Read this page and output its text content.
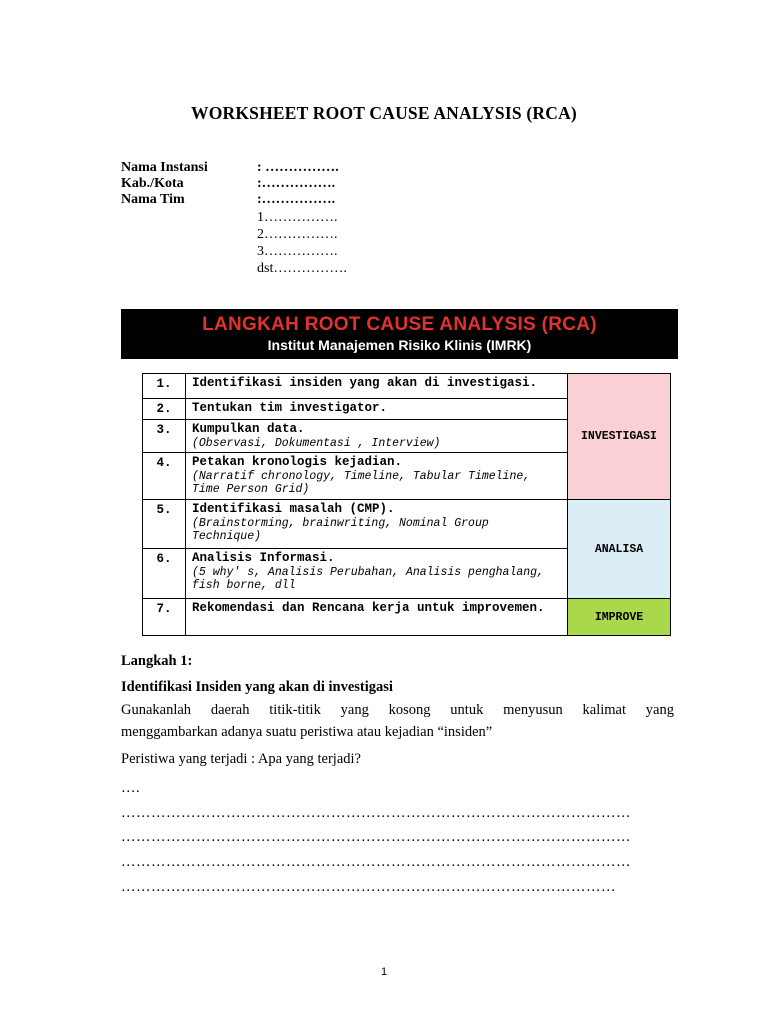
WORKSHEET ROOT CAUSE ANALYSIS (RCA)
Nama Instansi	: …………….
Kab./Kota	:…………….
Nama Tim	:…………….
1…………….
2…………….
3…………….
dst…………….
LANGKAH ROOT CAUSE ANALYSIS (RCA)
Institut Manajemen Risiko Klinis (IMRK)
1.	Identifikasi insiden yang akan di investigasi.	INVESTIGASI
2.	Tentukan tim investigator.	

3.	Kumpulkan data.
(Observasi, Dokumentasi , Interview)	

4.	Petakan kronologis kejadian.
(Narratif chronology, Timeline, Tabular Timeline, Time Person Grid)	

5.	Identifikasi masalah (CMP).
(Brainstorming, brainwriting, Nominal Group Technique)	ANALISA
6.	Analisis Informasi.
(5 why' s, Analisis Perubahan, Analisis penghalang, fish borne, dll	

7.	Rekomendasi dan Rencana kerja untuk improvemen.	IMPROVE
Langkah 1:
Identifikasi Insiden yang akan di investigasi
Gunakanlah daerah titik-titik yang kosong untuk menyusun kalimat yang
menggambarkan adanya suatu peristiwa atau kejadian “insiden”
Peristiwa yang terjadi : Apa yang terjadi?
….
…………………………………………………………………………………………
…………………………………………………………………………………………
…………………………………………………………………………………………
………………………………………………………………………………………
1
